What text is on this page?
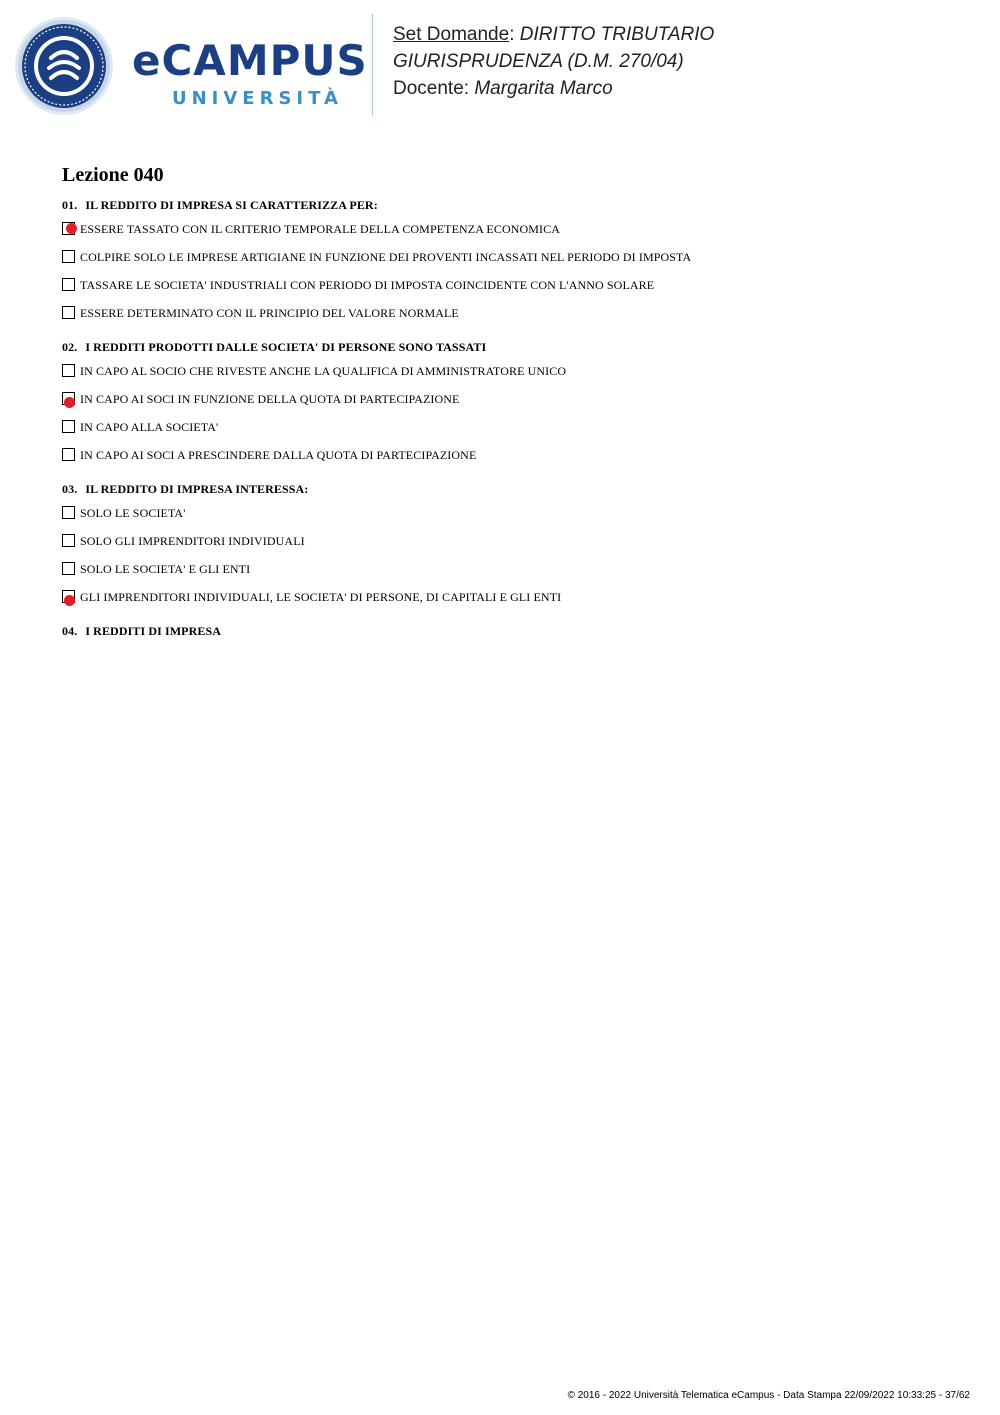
eCAMPUS
UNIVERSITÀ
Set Domande: DIRITTO TRIBUTARIO
GIURISPRUDENZA (D.M. 270/04)
Docente: Margarita Marco
Lezione 040
01. IL REDDITO DI IMPRESA SI CARATTERIZZA PER:
ESSERE TASSATO CON IL CRITERIO TEMPORALE DELLA COMPETENZA ECONOMICA
COLPIRE SOLO LE IMPRESE ARTIGIANE IN FUNZIONE DEI PROVENTI INCASSATI NEL PERIODO DI IMPOSTA
TASSARE LE SOCIETA' INDUSTRIALI CON PERIODO DI IMPOSTA COINCIDENTE CON L'ANNO SOLARE
ESSERE DETERMINATO CON IL PRINCIPIO DEL VALORE NORMALE
02. I REDDITI PRODOTTI DALLE SOCIETA' DI PERSONE SONO TASSATI
IN CAPO AL SOCIO CHE RIVESTE ANCHE LA QUALIFICA DI AMMINISTRATORE UNICO
IN CAPO AI SOCI IN FUNZIONE DELLA QUOTA DI PARTECIPAZIONE
IN CAPO ALLA SOCIETA'
IN CAPO AI SOCI A PRESCINDERE DALLA QUOTA DI PARTECIPAZIONE
03. IL REDDITO DI IMPRESA INTERESSA:
SOLO LE SOCIETA'
SOLO GLI IMPRENDITORI INDIVIDUALI
SOLO LE SOCIETA' E GLI ENTI
GLI IMPRENDITORI INDIVIDUALI, LE SOCIETA' DI PERSONE, DI CAPITALI E GLI ENTI
04. I REDDITI DI IMPRESA
© 2016 - 2022 Università Telematica eCampus - Data Stampa 22/09/2022 10:33:25 - 37/62
